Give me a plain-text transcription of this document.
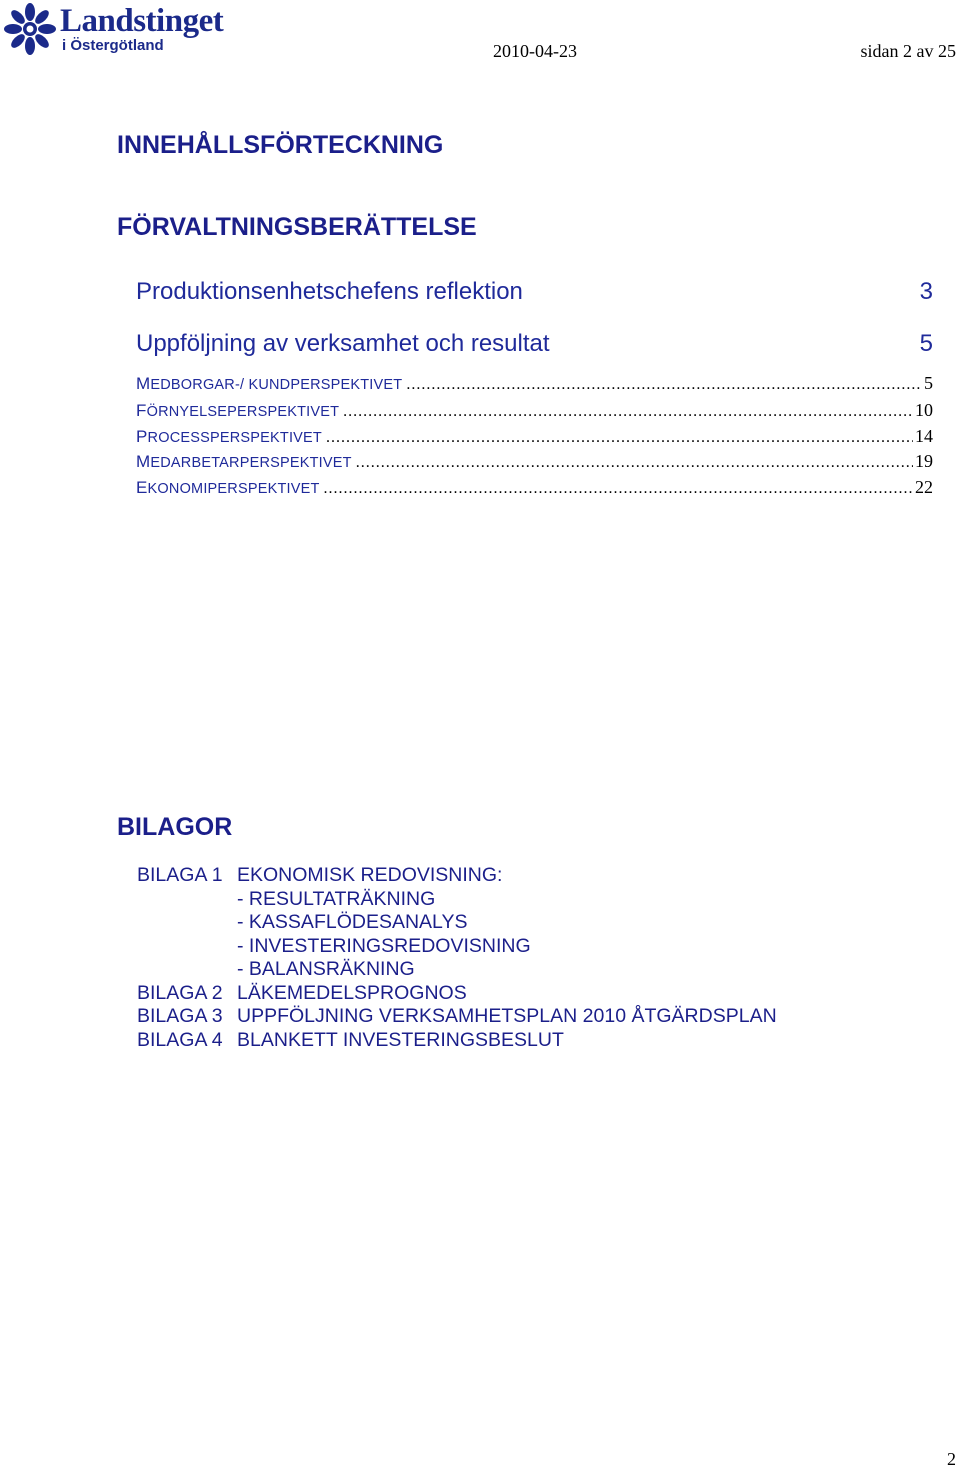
Landstinget
i Östergötland	2010-04-23	sidan 2 av 25
INNEHÅLLSFÖRTECKNING
FÖRVALTNINGSBERÄTTELSE
Produktionsenhetschefens reflektion	3
Uppföljning av verksamhet och resultat	5
MEDBORGAR-/ KUNDPERSPEKTIVET .....	5
FÖRNYELSEPERSPEKTIVET .....	10
PROCESSPERSPEKTIVET .....	14
MEDARBETARPERSPEKTIVET .....	19
EKONOMIPERSPEKTIVET .....	22
BILAGOR
BILAGA 1 EKONOMISK REDOVISNING:
- RESULTATRÄKNING
- KASSAFLÖDESANALYS
- INVESTERINGSREDOVISNING
- BALANSRÄKNING
BILAGA 2 LÄKEMEDELSPROGNOS
BILAGA 3 UPPFÖLJNING VERKSAMHETSPLAN 2010 ÅTGÄRDSPLAN
BILAGA 4 BLANKETT INVESTERINGSBESLUT
2
